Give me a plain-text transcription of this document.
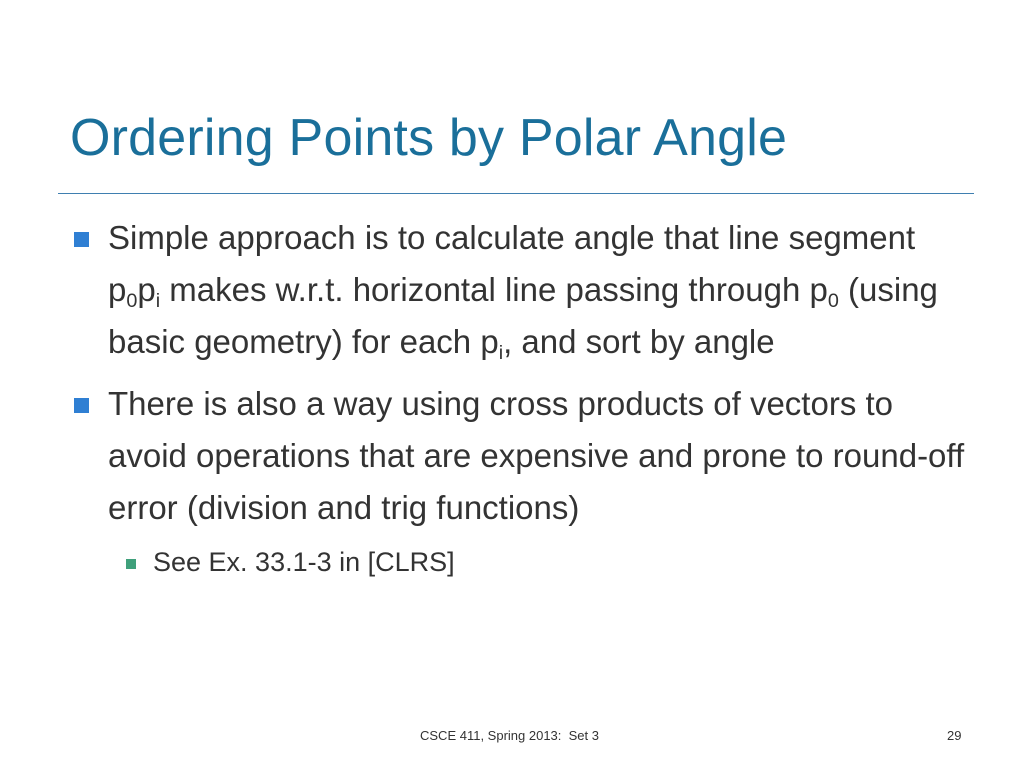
Ordering Points by Polar Angle
Simple approach is to calculate angle that line segment $p_0p_i$ makes w.r.t. horizontal line passing through $p_0$ (using basic geometry) for each $p_i$, and sort by angle
There is also a way using cross products of vectors to avoid operations that are expensive and prone to round-off error (division and trig functions)
See Ex. 33.1-3 in [CLRS]
CSCE 411, Spring 2013:  Set 3	29
